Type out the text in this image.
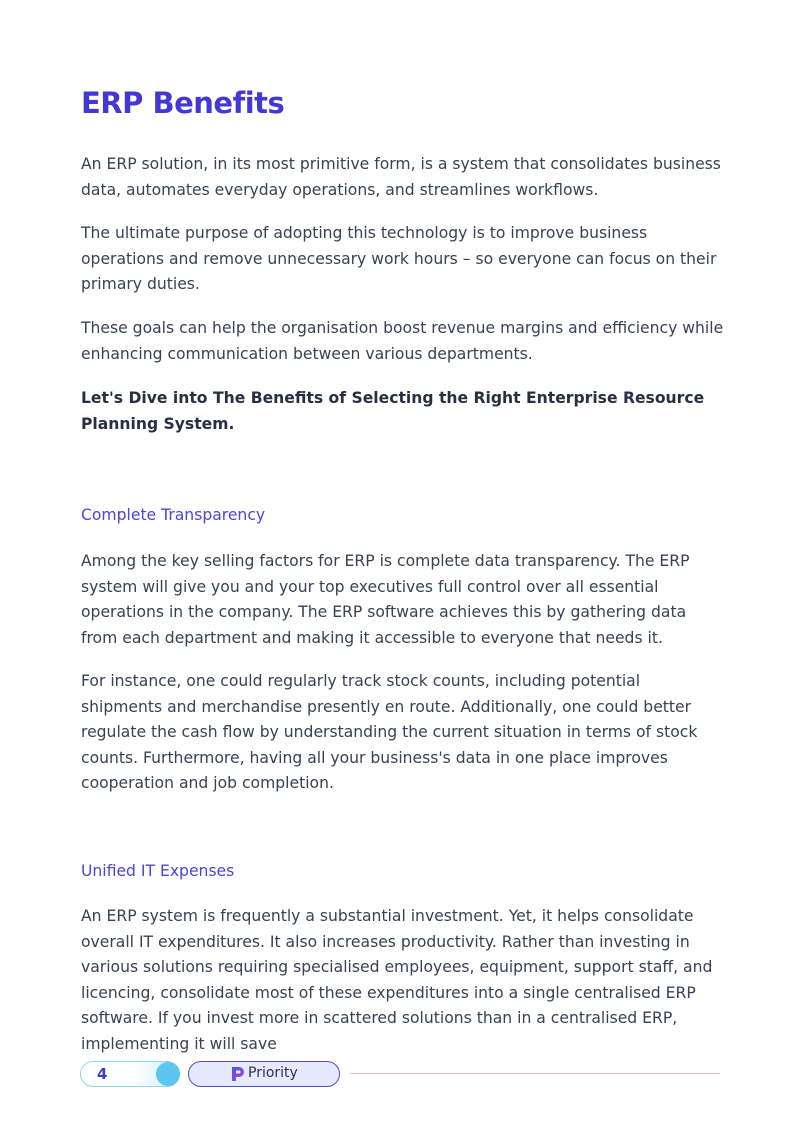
ERP Benefits

An ERP solution, in its most primitive form, is a system that consolidates business data, automates everyday operations, and streamlines workflows.

The ultimate purpose of adopting this technology is to improve business operations and remove unnecessary work hours – so everyone can focus on their primary duties.

These goals can help the organisation boost revenue margins and efficiency while enhancing communication between various departments.

Let's Dive into The Benefits of Selecting the Right Enterprise Resource Planning System.

Complete Transparency

Among the key selling factors for ERP is complete data transparency. The ERP system will give you and your top executives full control over all essential operations in the company. The ERP software achieves this by gathering data from each department and making it accessible to everyone that needs it.

For instance, one could regularly track stock counts, including potential shipments and merchandise presently en route. Additionally, one could better regulate the cash flow by understanding the current situation in terms of stock counts. Furthermore, having all your business's data in one place improves cooperation and job completion.

Unified IT Expenses

An ERP system is frequently a substantial investment. Yet, it helps consolidate overall IT expenditures. It also increases productivity. Rather than investing in various solutions requiring specialised employees, equipment, support staff, and licencing, consolidate most of these expenditures into a single centralised ERP software. If you invest more in scattered solutions than in a centralised ERP, implementing it will save

4	Priority
